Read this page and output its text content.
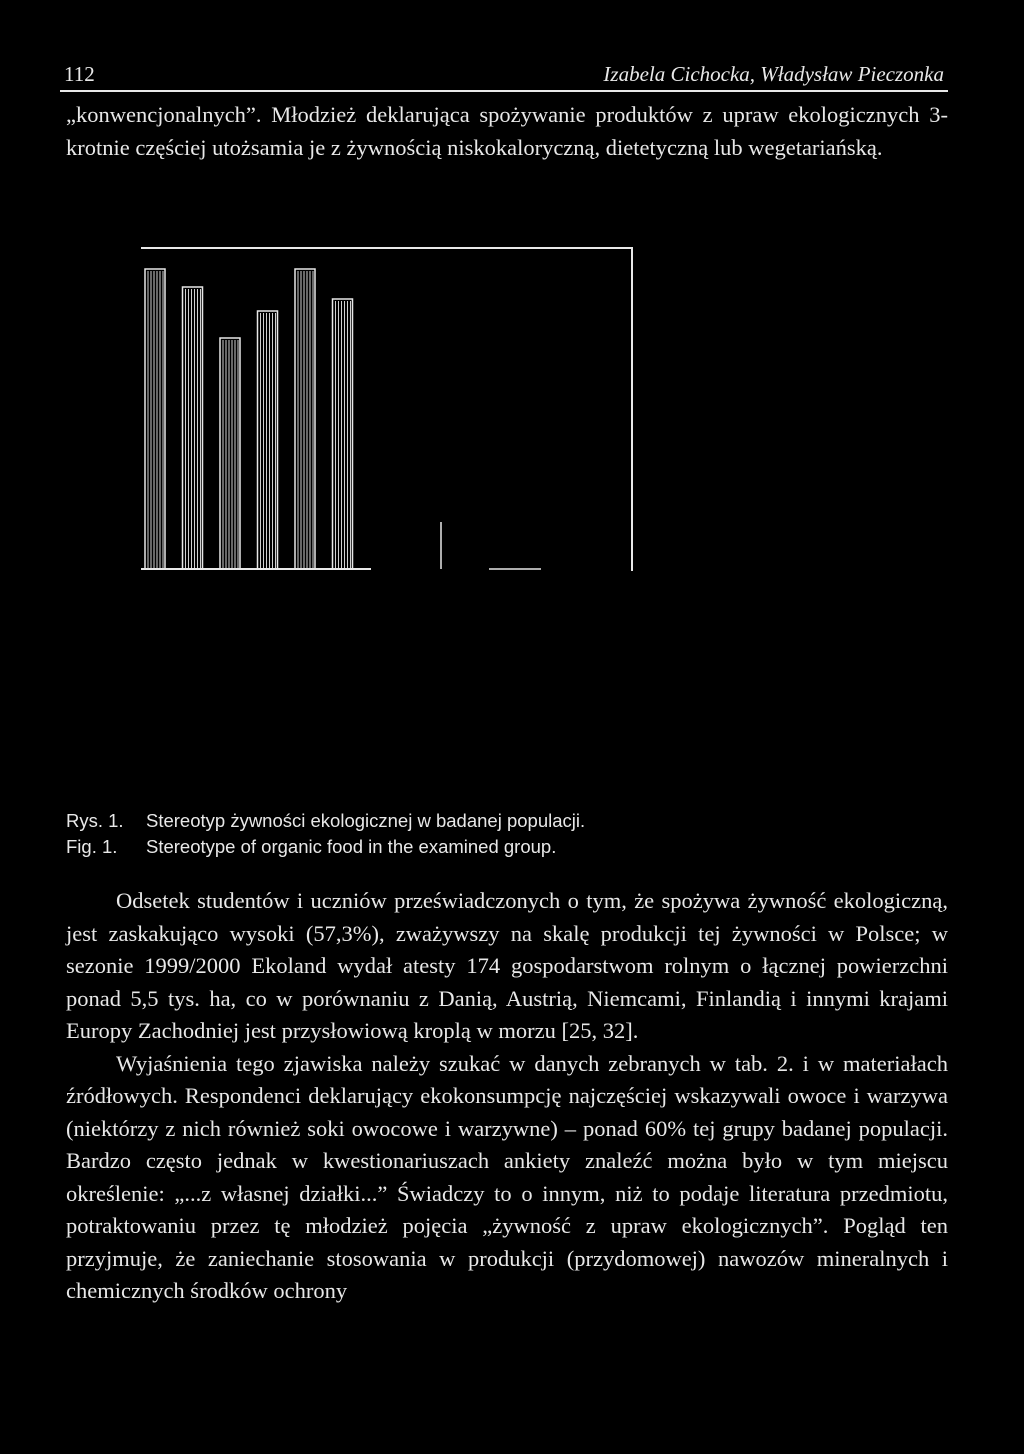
112	Izabela Cichocka, Władysław Pieczonka

„konwencjonalnych”. Młodzież deklarująca spożywanie produktów z upraw ekologicznych 3-krotnie częściej utożsamia je z żywnością niskokaloryczną, dietetyczną lub wegetariańską.

Rys. 1. Stereotyp żywności ekologicznej w badanej populacji.
Fig. 1. Stereotype of organic food in the examined group.

Odsetek studentów i uczniów przeświadczonych o tym, że spożywa żywność ekologiczną, jest zaskakująco wysoki (57,3%), zważywszy na skalę produkcji tej żywności w Polsce; w sezonie 1999/2000 Ekoland wydał atesty 174 gospodarstwom rolnym o łącznej powierzchni ponad 5,5 tys. ha, co w porównaniu z Danią, Austrią, Niemcami, Finlandią i innymi krajami Europy Zachodniej jest przysłowiową kroplą w morzu [25, 32].

Wyjaśnienia tego zjawiska należy szukać w danych zebranych w tab. 2. i w materiałach źródłowych. Respondenci deklarujący ekokonsumpcję najczęściej wskazywali owoce i warzywa (niektórzy z nich również soki owocowe i warzywne) – ponad 60% tej grupy badanej populacji. Bardzo często jednak w kwestionariuszach ankiety znaleźć można było w tym miejscu określenie: „...z własnej działki...” Świadczy to o innym, niż to podaje literatura przedmiotu, potraktowaniu przez tę młodzież pojęcia „żywność z upraw ekologicznych”. Pogląd ten przyjmuje, że zaniechanie stosowania w produkcji (przydomowej) nawozów mineralnych i chemicznych środków ochrony
